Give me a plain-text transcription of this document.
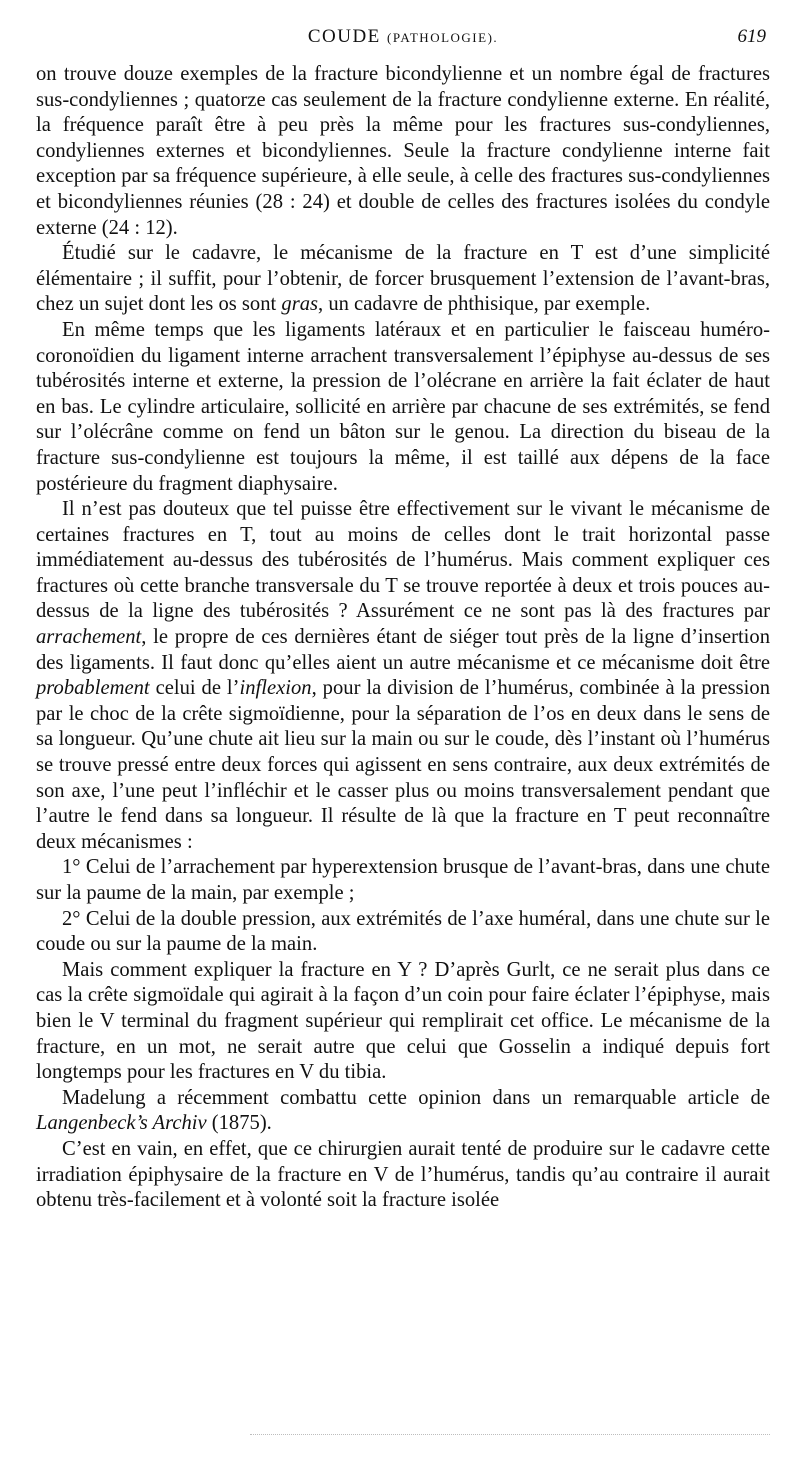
COUDE (PATHOLOGIE).	619

on trouve douze exemples de la fracture bicondylienne et un nombre égal de fractures sus-condyliennes ; quatorze cas seulement de la fracture condylienne externe. En réalité, la fréquence paraît être à peu près la même pour les fractures sus-condyliennes, condyliennes externes et bicondyliennes. Seule la fracture condylienne interne fait exception par sa fréquence supérieure, à elle seule, à celle des fractures sus-condyliennes et bicondyliennes réunies (28 : 24) et double de celles des fractures isolées du condyle externe (24 : 12).

Étudié sur le cadavre, le mécanisme de la fracture en T est d’une simplicité élémentaire ; il suffit, pour l’obtenir, de forcer brusquement l’extension de l’avant-bras, chez un sujet dont les os sont gras, un cadavre de phthisique, par exemple.

En même temps que les ligaments latéraux et en particulier le faisceau huméro-coronoïdien du ligament interne arrachent transversalement l’épiphyse au-dessus de ses tubérosités interne et externe, la pression de l’olécrane en arrière la fait éclater de haut en bas. Le cylindre articulaire, sollicité en arrière par chacune de ses extrémités, se fend sur l’olécrâne comme on fend un bâton sur le genou. La direction du biseau de la fracture sus-condylienne est toujours la même, il est taillé aux dépens de la face postérieure du fragment diaphysaire.

Il n’est pas douteux que tel puisse être effectivement sur le vivant le mécanisme de certaines fractures en T, tout au moins de celles dont le trait horizontal passe immédiatement au-dessus des tubérosités de l’humérus. Mais comment expliquer ces fractures où cette branche transversale du T se trouve reportée à deux et trois pouces au-dessus de la ligne des tubérosités ? Assurément ce ne sont pas là des fractures par arrachement, le propre de ces dernières étant de siéger tout près de la ligne d’insertion des ligaments. Il faut donc qu’elles aient un autre mécanisme et ce mécanisme doit être probablement celui de l’inflexion, pour la division de l’humérus, combinée à la pression par le choc de la crête sigmoïdienne, pour la séparation de l’os en deux dans le sens de sa longueur. Qu’une chute ait lieu sur la main ou sur le coude, dès l’instant où l’humérus se trouve pressé entre deux forces qui agissent en sens contraire, aux deux extrémités de son axe, l’une peut l’infléchir et le casser plus ou moins transversalement pendant que l’autre le fend dans sa longueur. Il résulte de là que la fracture en T peut reconnaître deux mécanismes :

1° Celui de l’arrachement par hyperextension brusque de l’avant-bras, dans une chute sur la paume de la main, par exemple ;

2° Celui de la double pression, aux extrémités de l’axe huméral, dans une chute sur le coude ou sur la paume de la main.

Mais comment expliquer la fracture en Y ? D’après Gurlt, ce ne serait plus dans ce cas la crête sigmoïdale qui agirait à la façon d’un coin pour faire éclater l’épiphyse, mais bien le V terminal du fragment supérieur qui remplirait cet office. Le mécanisme de la fracture, en un mot, ne serait autre que celui que Gosselin a indiqué depuis fort longtemps pour les fractures en V du tibia.

Madelung a récemment combattu cette opinion dans un remarquable article de Langenbeck’s Archiv (1875).

C’est en vain, en effet, que ce chirurgien aurait tenté de produire sur le cadavre cette irradiation épiphysaire de la fracture en V de l’humérus, tandis qu’au contraire il aurait obtenu très-facilement et à volonté soit la fracture isolée
